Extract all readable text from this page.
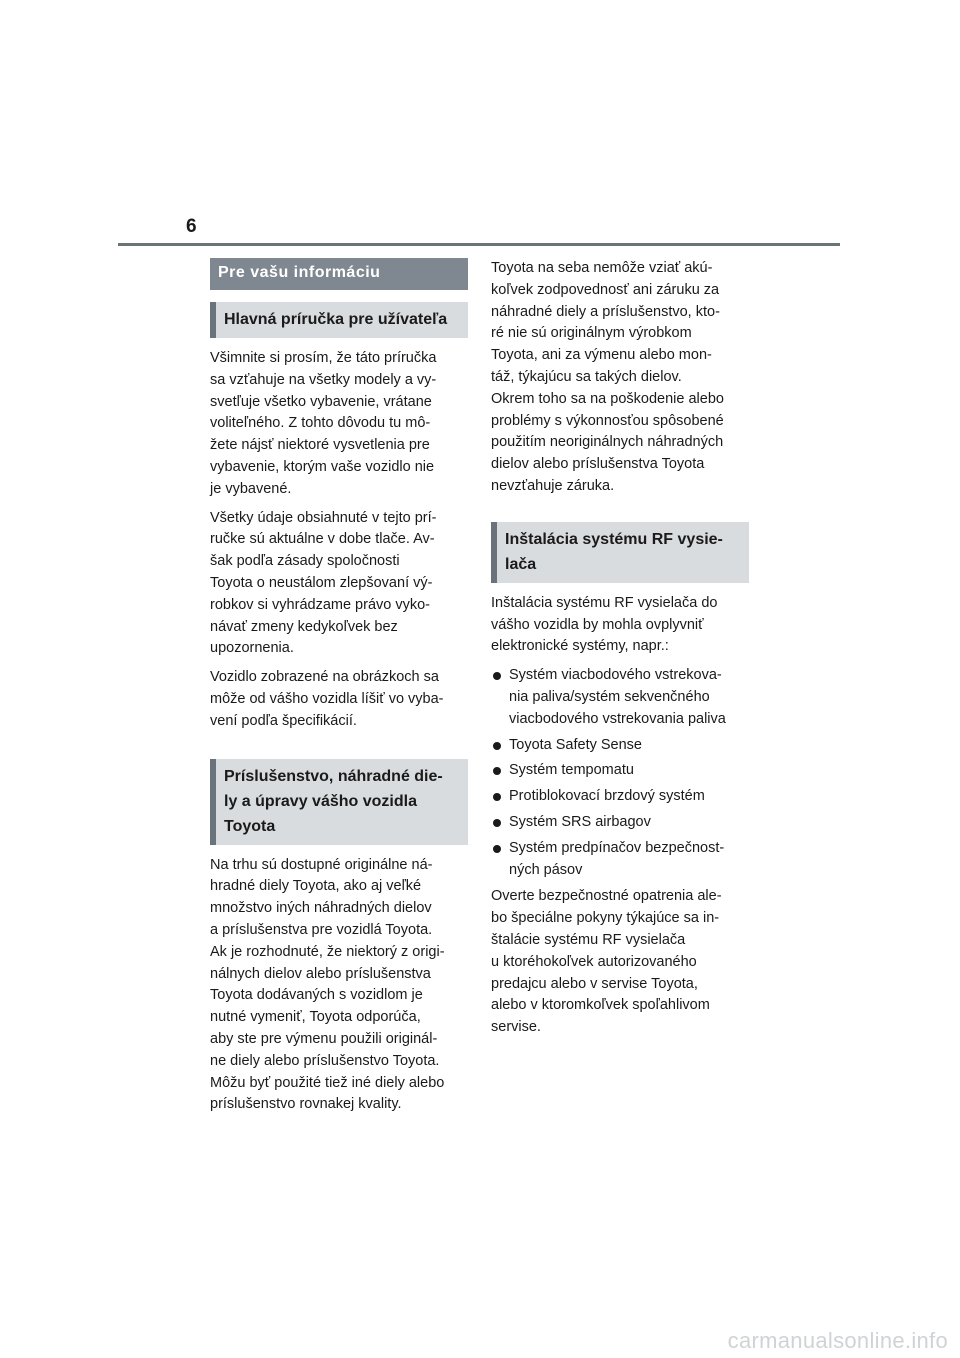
6
Pre vašu informáciu
Hlavná príručka pre užívateľa

Všimnite si prosím, že táto príručka
sa vzťahuje na všetky modely a vy-
svetľuje všetko vybavenie, vrátane
voliteľného. Z tohto dôvodu tu mô-
žete nájsť niektoré vysvetlenia pre
vybavenie, ktorým vaše vozidlo nie
je vybavené.

Všetky údaje obsiahnuté v tejto prí-
ručke sú aktuálne v dobe tlače. Av-
šak podľa zásady spoločnosti
Toyota o neustálom zlepšovaní vý-
robkov si vyhrádzame právo vyko-
návať zmeny kedykoľvek bez
upozornenia.

Vozidlo zobrazené na obrázkoch sa
môže od vášho vozidla líšiť vo vyba-
vení podľa špecifikácií.

Príslušenstvo, náhradné die-
ly a úpravy vášho vozidla
Toyota

Na trhu sú dostupné originálne ná-
hradné diely Toyota, ako aj veľké
množstvo iných náhradných dielov
a príslušenstva pre vozidlá Toyota.
Ak je rozhodnuté, že niektorý z origi-
nálnych dielov alebo príslušenstva
Toyota dodávaných s vozidlom je
nutné vymeniť, Toyota odporúča,
aby ste pre výmenu použili originál-
ne diely alebo príslušenstvo Toyota.
Môžu byť použité tiež iné diely alebo
príslušenstvo rovnakej kvality.

Toyota na seba nemôže vziať akú-
koľvek zodpovednosť ani záruku za
náhradné diely a príslušenstvo, kto-
ré nie sú originálnym výrobkom
Toyota, ani za výmenu alebo mon-
táž, týkajúcu sa takých dielov.
Okrem toho sa na poškodenie alebo
problémy s výkonnosťou spôsobené
použitím neoriginálnych náhradných
dielov alebo príslušenstva Toyota
nevzťahuje záruka.

Inštalácia systému RF vysie-
lača

Inštalácia systému RF vysielača do
vášho vozidla by mohla ovplyvniť
elektronické systémy, napr.:

Systém viacbodového vstrekova-
nia paliva/systém sekvenčného
viacbodového vstrekovania paliva
Toyota Safety Sense
Systém tempomatu
Protiblokovací brzdový systém
Systém SRS airbagov
Systém predpínačov bezpečnost-
ných pásov

Overte bezpečnostné opatrenia ale-
bo špeciálne pokyny týkajúce sa in-
štalácie systému RF vysielača
u ktoréhokoľvek autorizovaného
predajcu alebo v servise Toyota,
alebo v ktoromkoľvek spoľahlivom
servise.

carmanualsonline.info
